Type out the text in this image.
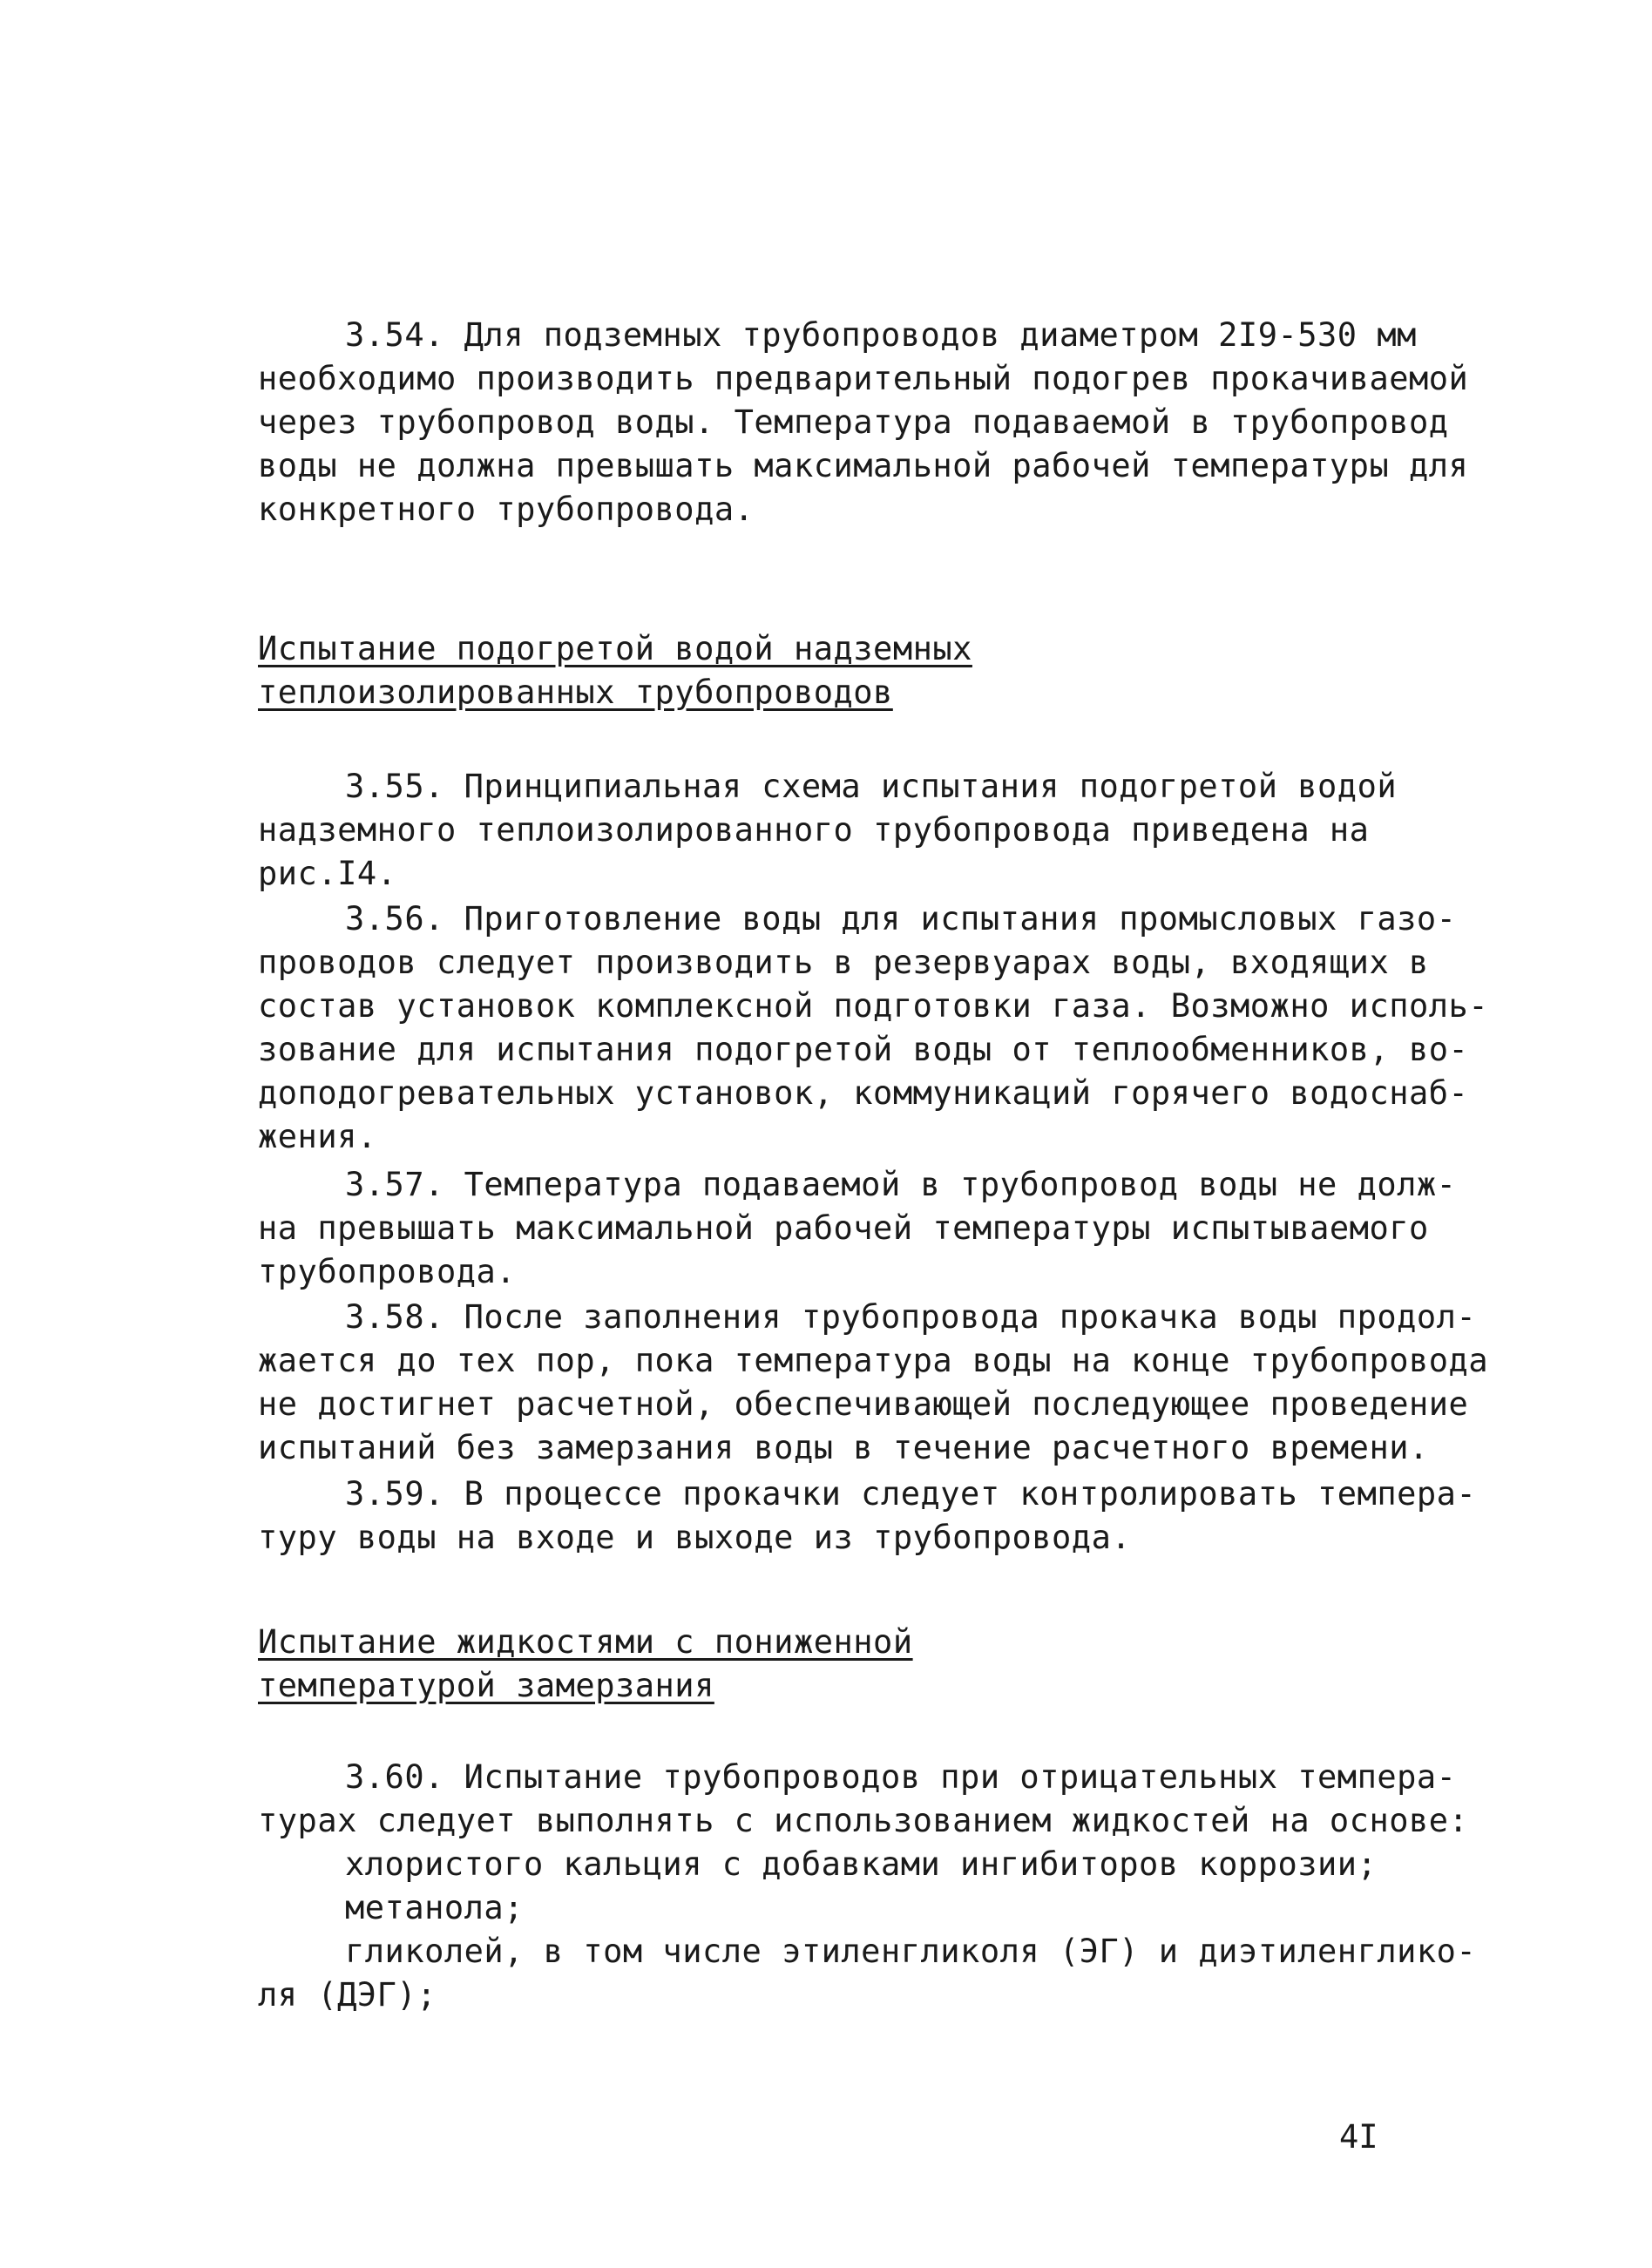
3.54. Для подземных трубопроводов диаметром 2I9-530 мм
необходимо производить предварительный подогрев прокачиваемой
через трубопровод воды. Температура подаваемой в трубопровод
воды не должна превышать максимальной рабочей температуры для
конкретного трубопровода.
Испытание подогретой водой надземных
теплоизолированных трубопроводов
3.55. Принципиальная схема испытания подогретой водой
надземного теплоизолированного трубопровода приведена на
рис.I4.
3.56. Приготовление воды для испытания промысловых газо-
проводов следует производить в резервуарах воды, входящих в
состав установок комплексной подготовки газа. Возможно исполь-
зование для испытания подогретой воды от теплообменников, во-
доподогревательных установок, коммуникаций горячего водоснаб-
жения.
3.57. Температура подаваемой в трубопровод воды не долж-
на превышать максимальной рабочей температуры испытываемого
трубопровода.
3.58. После заполнения трубопровода прокачка воды продол-
жается до тех пор, пока температура воды на конце трубопровода
не достигнет расчетной, обеспечивающей последующее проведение
испытаний без замерзания воды в течение расчетного времени.
3.59. В процессе прокачки следует контролировать темпера-
туру воды на входе и выходе из трубопровода.
Испытание жидкостями с пониженной
температурой замерзания
3.60. Испытание трубопроводов при отрицательных темпера-
турах следует выполнять с использованием жидкостей на основе:
хлористого кальция с добавками ингибиторов коррозии;
метанола;
гликолей, в том числе этиленгликоля (ЭГ) и диэтиленглико-
ля (ДЭГ);
4I
